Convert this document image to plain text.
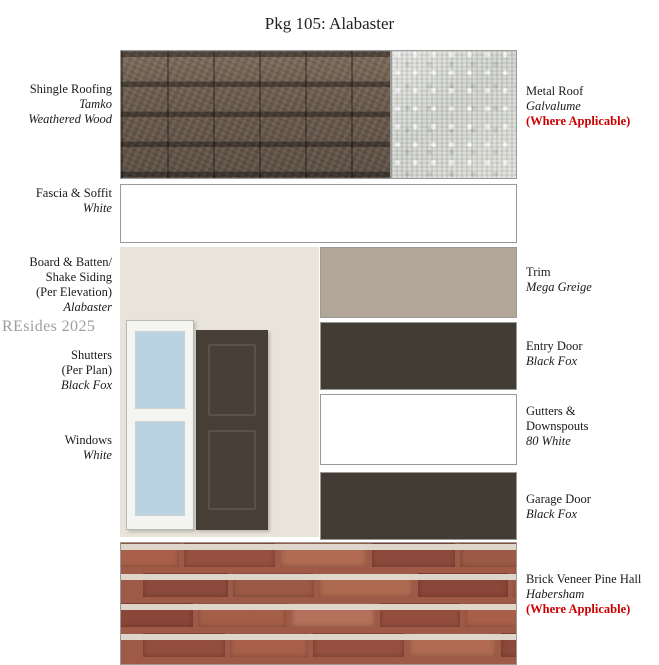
Pkg 105: Alabaster
Shingle Roofing
Tamko
Weathered Wood
Metal Roof
Galvalume
(Where Applicable)
Fascia & Soffit
White
Board & Batten/
Shake Siding
(Per Elevation)
Alabaster
Shutters
(Per Plan)
Black Fox
Windows
White
Trim
Mega Greige
Entry Door
Black Fox
Gutters &
Downspouts
80 White
Garage Door
Black Fox
Brick Veneer Pine Hall
Habersham
(Where Applicable)
REsides 2025
